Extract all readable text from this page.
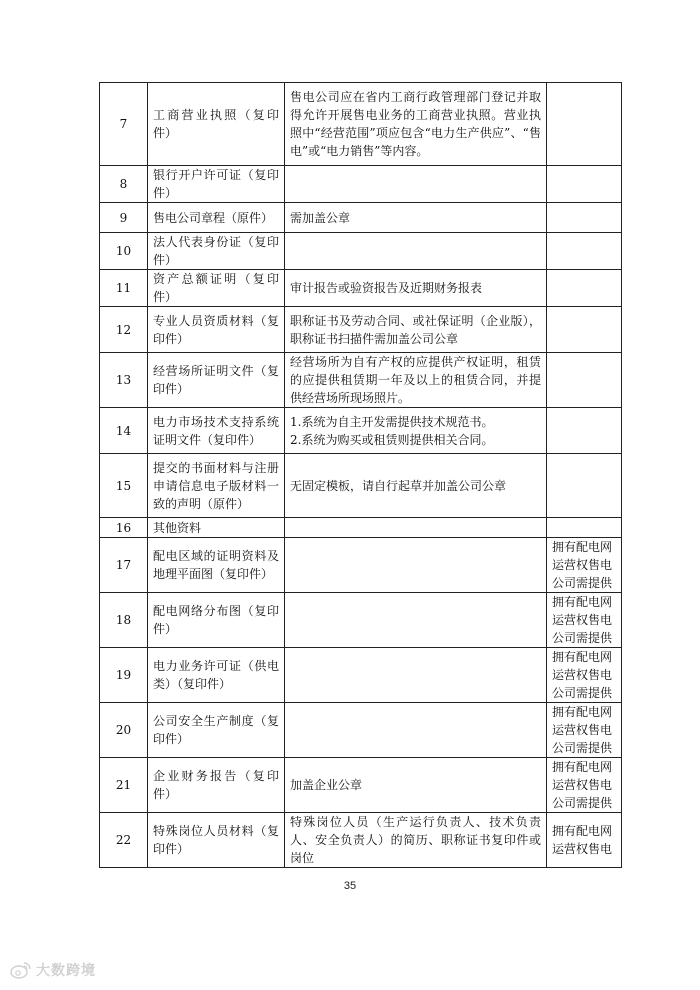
7	工商营业执照（复印件）	售电公司应在省内工商行政管理部门登记并取得允许开展售电业务的工商营业执照。营业执照中“经营范围”项应包含“电力生产供应”、“售电”或“电力销售”等内容。	
8	银行开户许可证（复印件）		
9	售电公司章程（原件）	需加盖公章	
10	法人代表身份证（复印件）		
11	资产总额证明（复印件）	审计报告或验资报告及近期财务报表	
12	专业人员资质材料（复印件）	职称证书及劳动合同、或社保证明（企业版），职称证书扫描件需加盖公司公章	
13	经营场所证明文件（复印件）	经营场所为自有产权的应提供产权证明，租赁的应提供租赁期一年及以上的租赁合同，并提供经营场所现场照片。	
14	电力市场技术支持系统证明文件（复印件）	1.系统为自主开发需提供技术规范书。
2.系统为购买或租赁则提供相关合同。	
15	提交的书面材料与注册申请信息电子版材料一致的声明（原件）	无固定模板，请自行起草并加盖公司公章	
16	其他资料		
17	配电区域的证明资料及地理平面图（复印件）		拥有配电网运营权售电公司需提供
18	配电网络分布图（复印件）		拥有配电网运营权售电公司需提供
19	电力业务许可证（供电类）（复印件）		拥有配电网运营权售电公司需提供
20	公司安全生产制度（复印件）		拥有配电网运营权售电公司需提供
21	企业财务报告（复印件）	加盖企业公章	拥有配电网运营权售电公司需提供
22	特殊岗位人员材料（复印件）	特殊岗位人员（生产运行负责人、技术负责人、安全负责人）的简历、职称证书复印件或岗位	拥有配电网运营权售电
35
大数跨境
